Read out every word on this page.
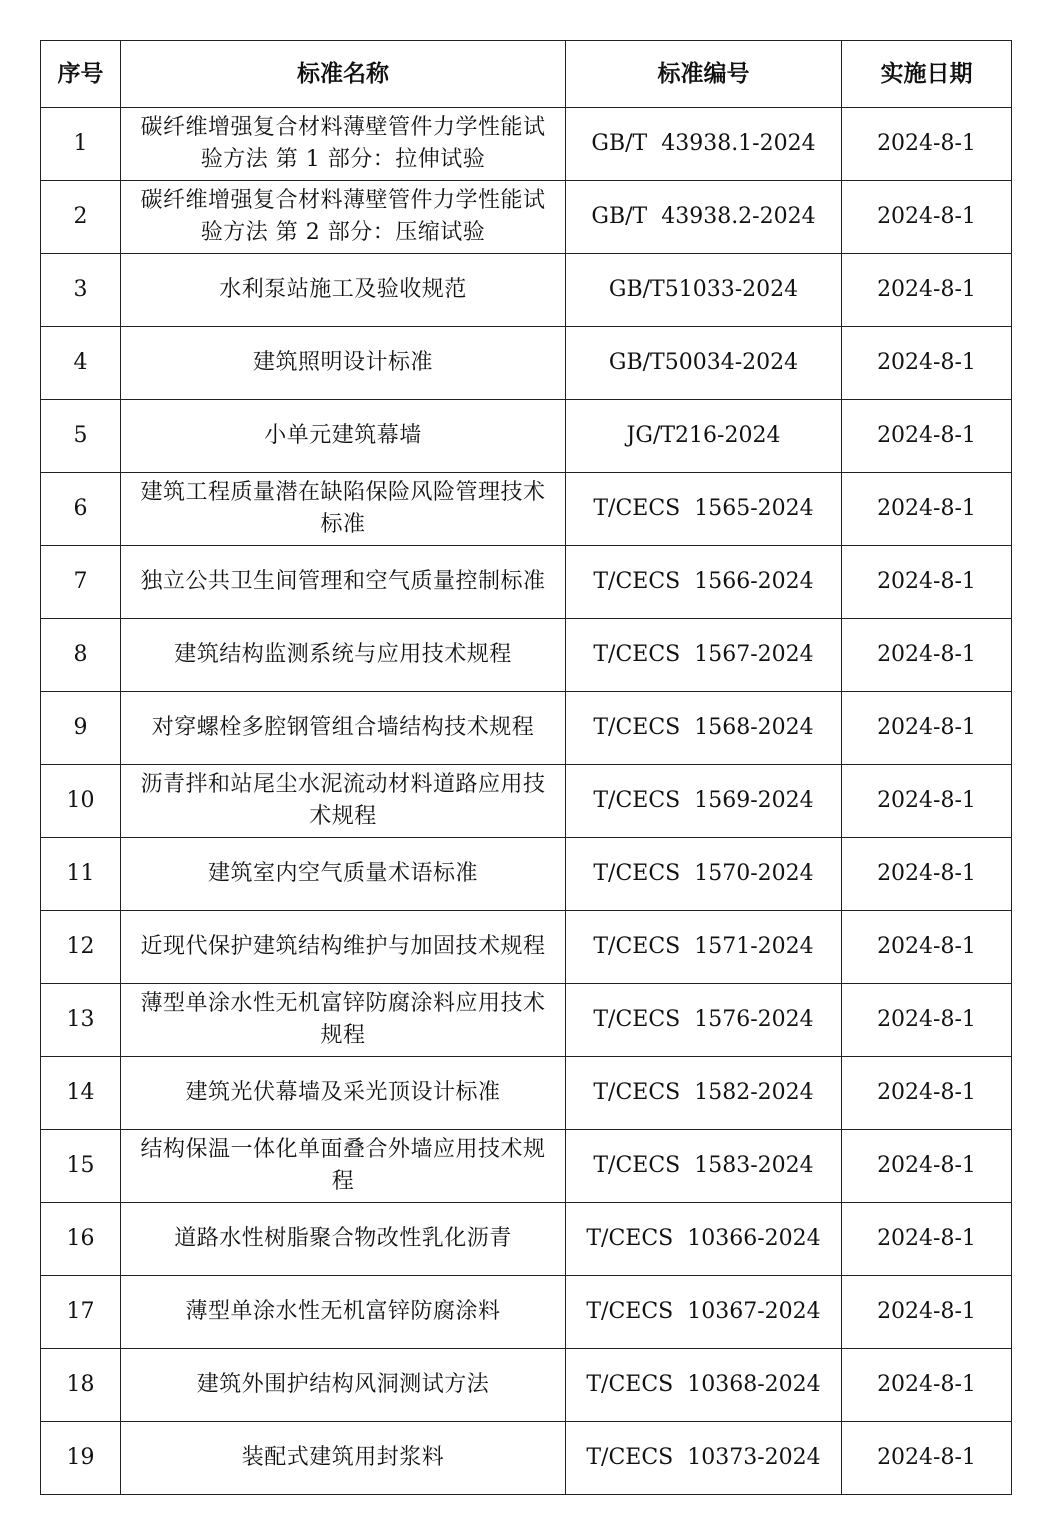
序号	标准名称	标准编号	实施日期
1	碳纤维增强复合材料薄壁管件力学性能试验方法 第 1 部分：拉伸试验	GB/T  43938.1-2024	2024-8-1
2	碳纤维增强复合材料薄壁管件力学性能试验方法 第 2 部分：压缩试验	GB/T  43938.2-2024	2024-8-1
3	水利泵站施工及验收规范	GB/T51033-2024	2024-8-1
4	建筑照明设计标准	GB/T50034-2024	2024-8-1
5	小单元建筑幕墙	JG/T216-2024	2024-8-1
6	建筑工程质量潜在缺陷保险风险管理技术标准	T/CECS  1565-2024	2024-8-1
7	独立公共卫生间管理和空气质量控制标准	T/CECS  1566-2024	2024-8-1
8	建筑结构监测系统与应用技术规程	T/CECS  1567-2024	2024-8-1
9	对穿螺栓多腔钢管组合墙结构技术规程	T/CECS  1568-2024	2024-8-1
10	沥青拌和站尾尘水泥流动材料道路应用技术规程	T/CECS  1569-2024	2024-8-1
11	建筑室内空气质量术语标准	T/CECS  1570-2024	2024-8-1
12	近现代保护建筑结构维护与加固技术规程	T/CECS  1571-2024	2024-8-1
13	薄型单涂水性无机富锌防腐涂料应用技术规程	T/CECS  1576-2024	2024-8-1
14	建筑光伏幕墙及采光顶设计标准	T/CECS  1582-2024	2024-8-1
15	结构保温一体化单面叠合外墙应用技术规程	T/CECS  1583-2024	2024-8-1
16	道路水性树脂聚合物改性乳化沥青	T/CECS  10366-2024	2024-8-1
17	薄型单涂水性无机富锌防腐涂料	T/CECS  10367-2024	2024-8-1
18	建筑外围护结构风洞测试方法	T/CECS  10368-2024	2024-8-1
19	装配式建筑用封浆料	T/CECS  10373-2024	2024-8-1
